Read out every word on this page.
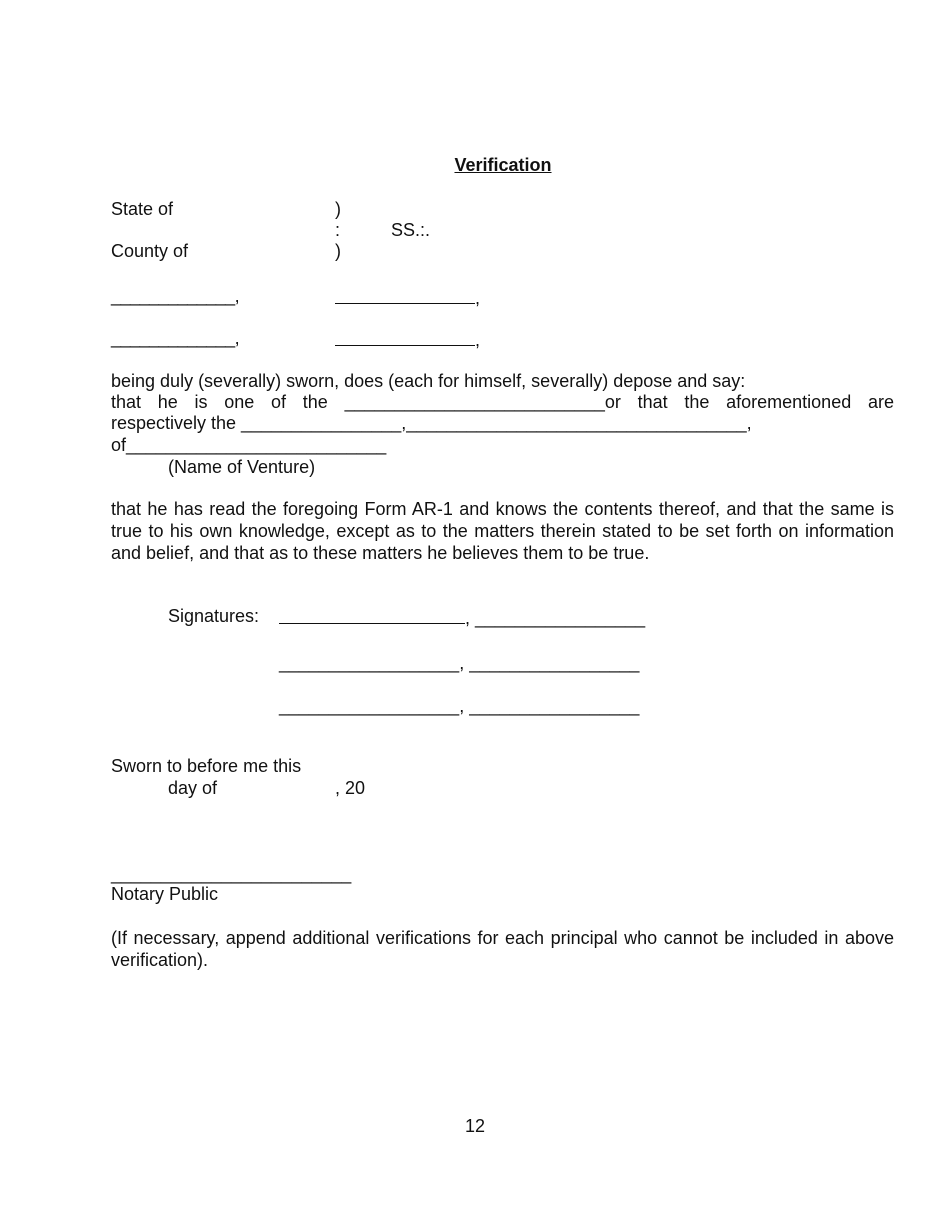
Verification
State of	)
:	SS.:.
County of	)
_____________,	,
_____________,	,
being duly (severally) sworn, does (each for himself, severally) depose and say:
that he is one of the __________________________or that the aforementioned are
respectively the ________________,__________________________________,
of__________________________
(Name of Venture)
that he has read the foregoing Form AR-1 and knows the contents thereof, and that the same is true to his own knowledge, except as to the matters therein stated to be set forth on information and belief, and that as to these matters he believes them to be true.
Signatures:	, _________________
__________________, _________________
__________________, _________________
Sworn to before me this
day of	, 20
________________________
Notary Public
(If necessary, append additional verifications for each principal who cannot be included in above verification).
12
